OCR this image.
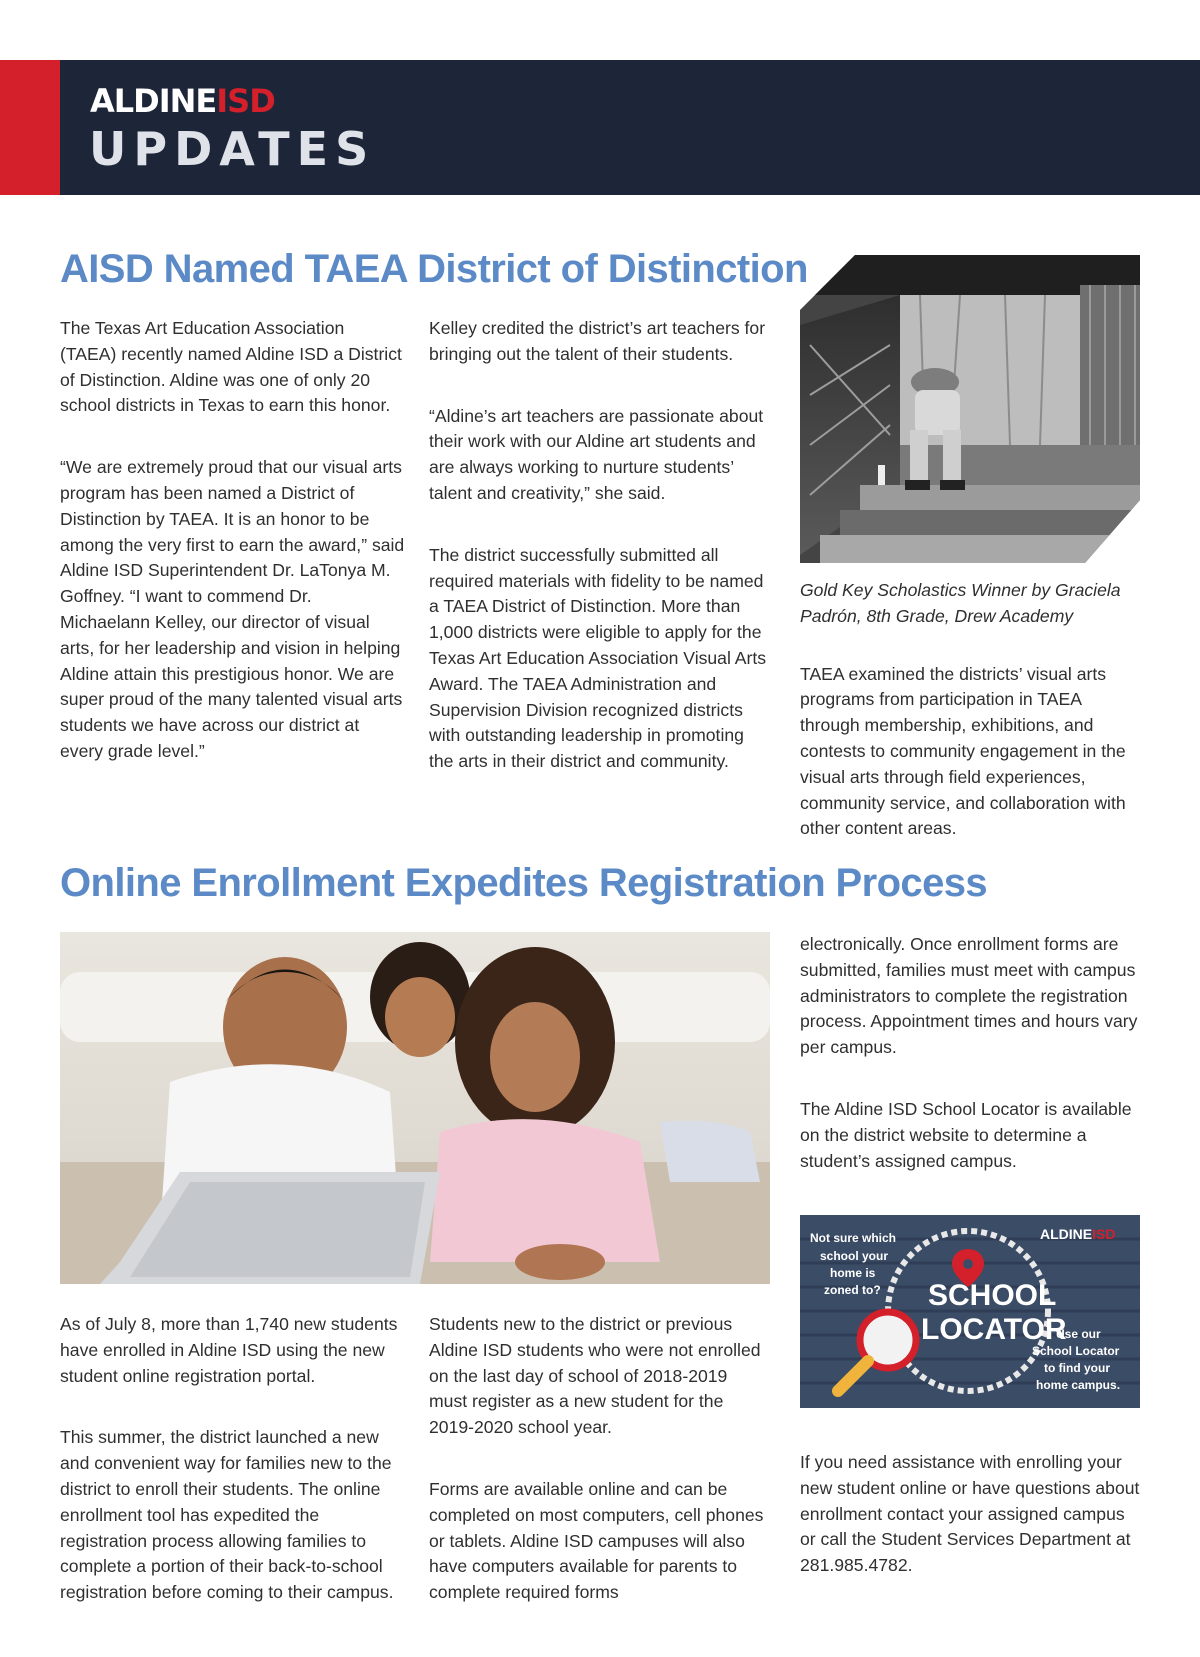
ALDINEISD
UPDATES
AISD Named TAEA District of Distinction

The Texas Art Education Association (TAEA) recently named Aldine ISD a District of Distinction. Aldine was one of only 20 school districts in Texas to earn this honor.

“We are extremely proud that our visual arts program has been named a District of Distinction by TAEA. It is an honor to be among the very first to earn the award,” said Aldine ISD Superintendent Dr. LaTonya M. Goffney. “I want to commend Dr. Michaelann Kelley, our director of visual arts, for her leadership and vision in helping Aldine attain this prestigious honor. We are super proud of the many talented visual arts students we have across our district at every grade level.”

Kelley credited the district’s art teachers for bringing out the talent of their students.

“Aldine’s art teachers are passionate about their work with our Aldine art students and are always working to nurture students’ talent and creativity,” she said.

The district successfully submitted all required materials with fidelity to be named a TAEA District of Distinction. More than 1,000 districts were eligible to apply for the Texas Art Education Association Visual Arts Award. The TAEA Administration and Supervision Division recognized districts with outstanding leadership in promoting the arts in their district and community.

Gold Key Scholastics Winner by Graciela Padrón, 8th Grade, Drew Academy

TAEA examined the districts’ visual arts programs from participation in TAEA through membership, exhibitions, and contests to community engagement in the visual arts through field experiences, community service, and collaboration with other content areas.

Online Enrollment Expedites Registration Process

electronically. Once enrollment forms are submitted, families must meet with campus administrators to complete the registration process. Appointment times and hours vary per campus.

The Aldine ISD School Locator is available on the district website to determine a student’s assigned campus.

Not sure which
school your
home is
zoned to? SCHOOL
LOCATOR
ALDINEISD
Use our
School Locator
to find your
home campus.

As of July 8, more than 1,740 new students have enrolled in Aldine ISD using the new student online registration portal.

This summer, the district launched a new and convenient way for families new to the district to enroll their students. The online enrollment tool has expedited the registration process allowing families to complete a portion of their back-to-school registration before coming to their campus.

Students new to the district or previous Aldine ISD students who were not enrolled on the last day of school of 2018-2019 must register as a new student for the 2019-2020 school year.

Forms are available online and can be completed on most computers, cell phones or tablets. Aldine ISD campuses will also have computers available for parents to complete required forms

If you need assistance with enrolling your new student online or have questions about enrollment contact your assigned campus or call the Student Services Department at 281.985.4782.
